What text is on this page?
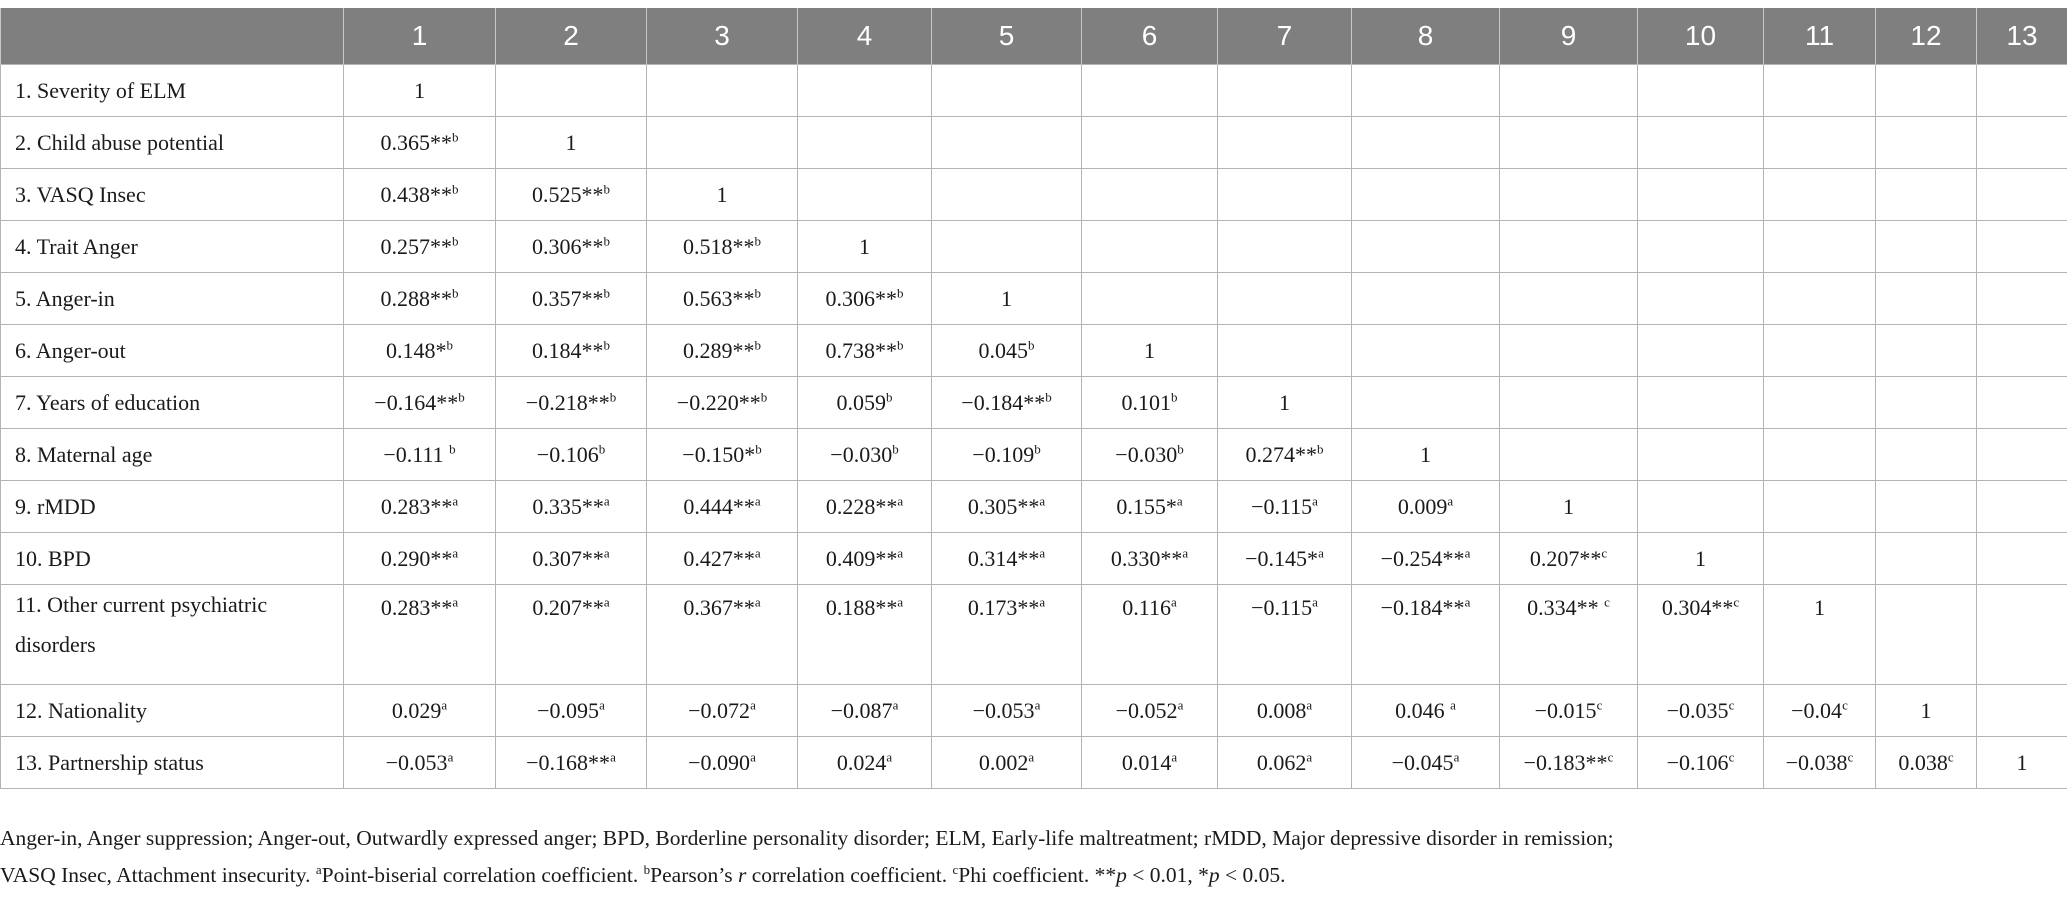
	1	2	3	4	5	6	7	8	9	10	11	12	13
1. Severity of ELM	1												
2. Child abuse potential	0.365**$^b$	1											
3. VASQ Insec	0.438**$^b$	0.525**$^b$	1										
4. Trait Anger	0.257**$^b$	0.306**$^b$	0.518**$^b$	1									
5. Anger-in	0.288**$^b$	0.357**$^b$	0.563**$^b$	0.306**$^b$	1								
6. Anger-out	0.148*$^b$	0.184**$^b$	0.289**$^b$	0.738**$^b$	0.045$^b$	1							
7. Years of education	−0.164**$^b$	−0.218**$^b$	−0.220**$^b$	0.059$^b$	−0.184**$^b$	0.101$^b$	1						
8. Maternal age	−0.111 $^b$	−0.106$^b$	−0.150*$^b$	−0.030$^b$	−0.109$^b$	−0.030$^b$	0.274**$^b$	1					
9. rMDD	0.283**$^a$	0.335**$^a$	0.444**$^a$	0.228**$^a$	0.305**$^a$	0.155*$^a$	−0.115$^a$	0.009$^a$	1				
10. BPD	0.290**$^a$	0.307**$^a$	0.427**$^a$	0.409**$^a$	0.314**$^a$	0.330**$^a$	−0.145*$^a$	−0.254**$^a$	0.207**$^c$	1			
11. Other current psychiatric disorders	0.283**$^a$	0.207**$^a$	0.367**$^a$	0.188**$^a$	0.173**$^a$	0.116$^a$	−0.115$^a$	−0.184**$^a$	0.334** $^c$	0.304**$^c$	1		
12. Nationality	0.029$^a$	−0.095$^a$	−0.072$^a$	−0.087$^a$	−0.053$^a$	−0.052$^a$	0.008$^a$	0.046 $^a$	−0.015$^c$	−0.035$^c$	−0.04$^c$	1	
13. Partnership status	−0.053$^a$	−0.168**$^a$	−0.090$^a$	0.024$^a$	0.002$^a$	0.014$^a$	0.062$^a$	−0.045$^a$	−0.183**$^c$	−0.106$^c$	−0.038$^c$	0.038$^c$	1

Anger-in, Anger suppression; Anger-out, Outwardly expressed anger; BPD, Borderline personality disorder; ELM, Early-life maltreatment; rMDD, Major depressive disorder in remission;

VASQ Insec, Attachment insecurity. $^a$Point-biserial correlation coefficient. $^b$Pearson’s r correlation coefficient. $^c$Phi coefficient. **p < 0.01, *p < 0.05.
